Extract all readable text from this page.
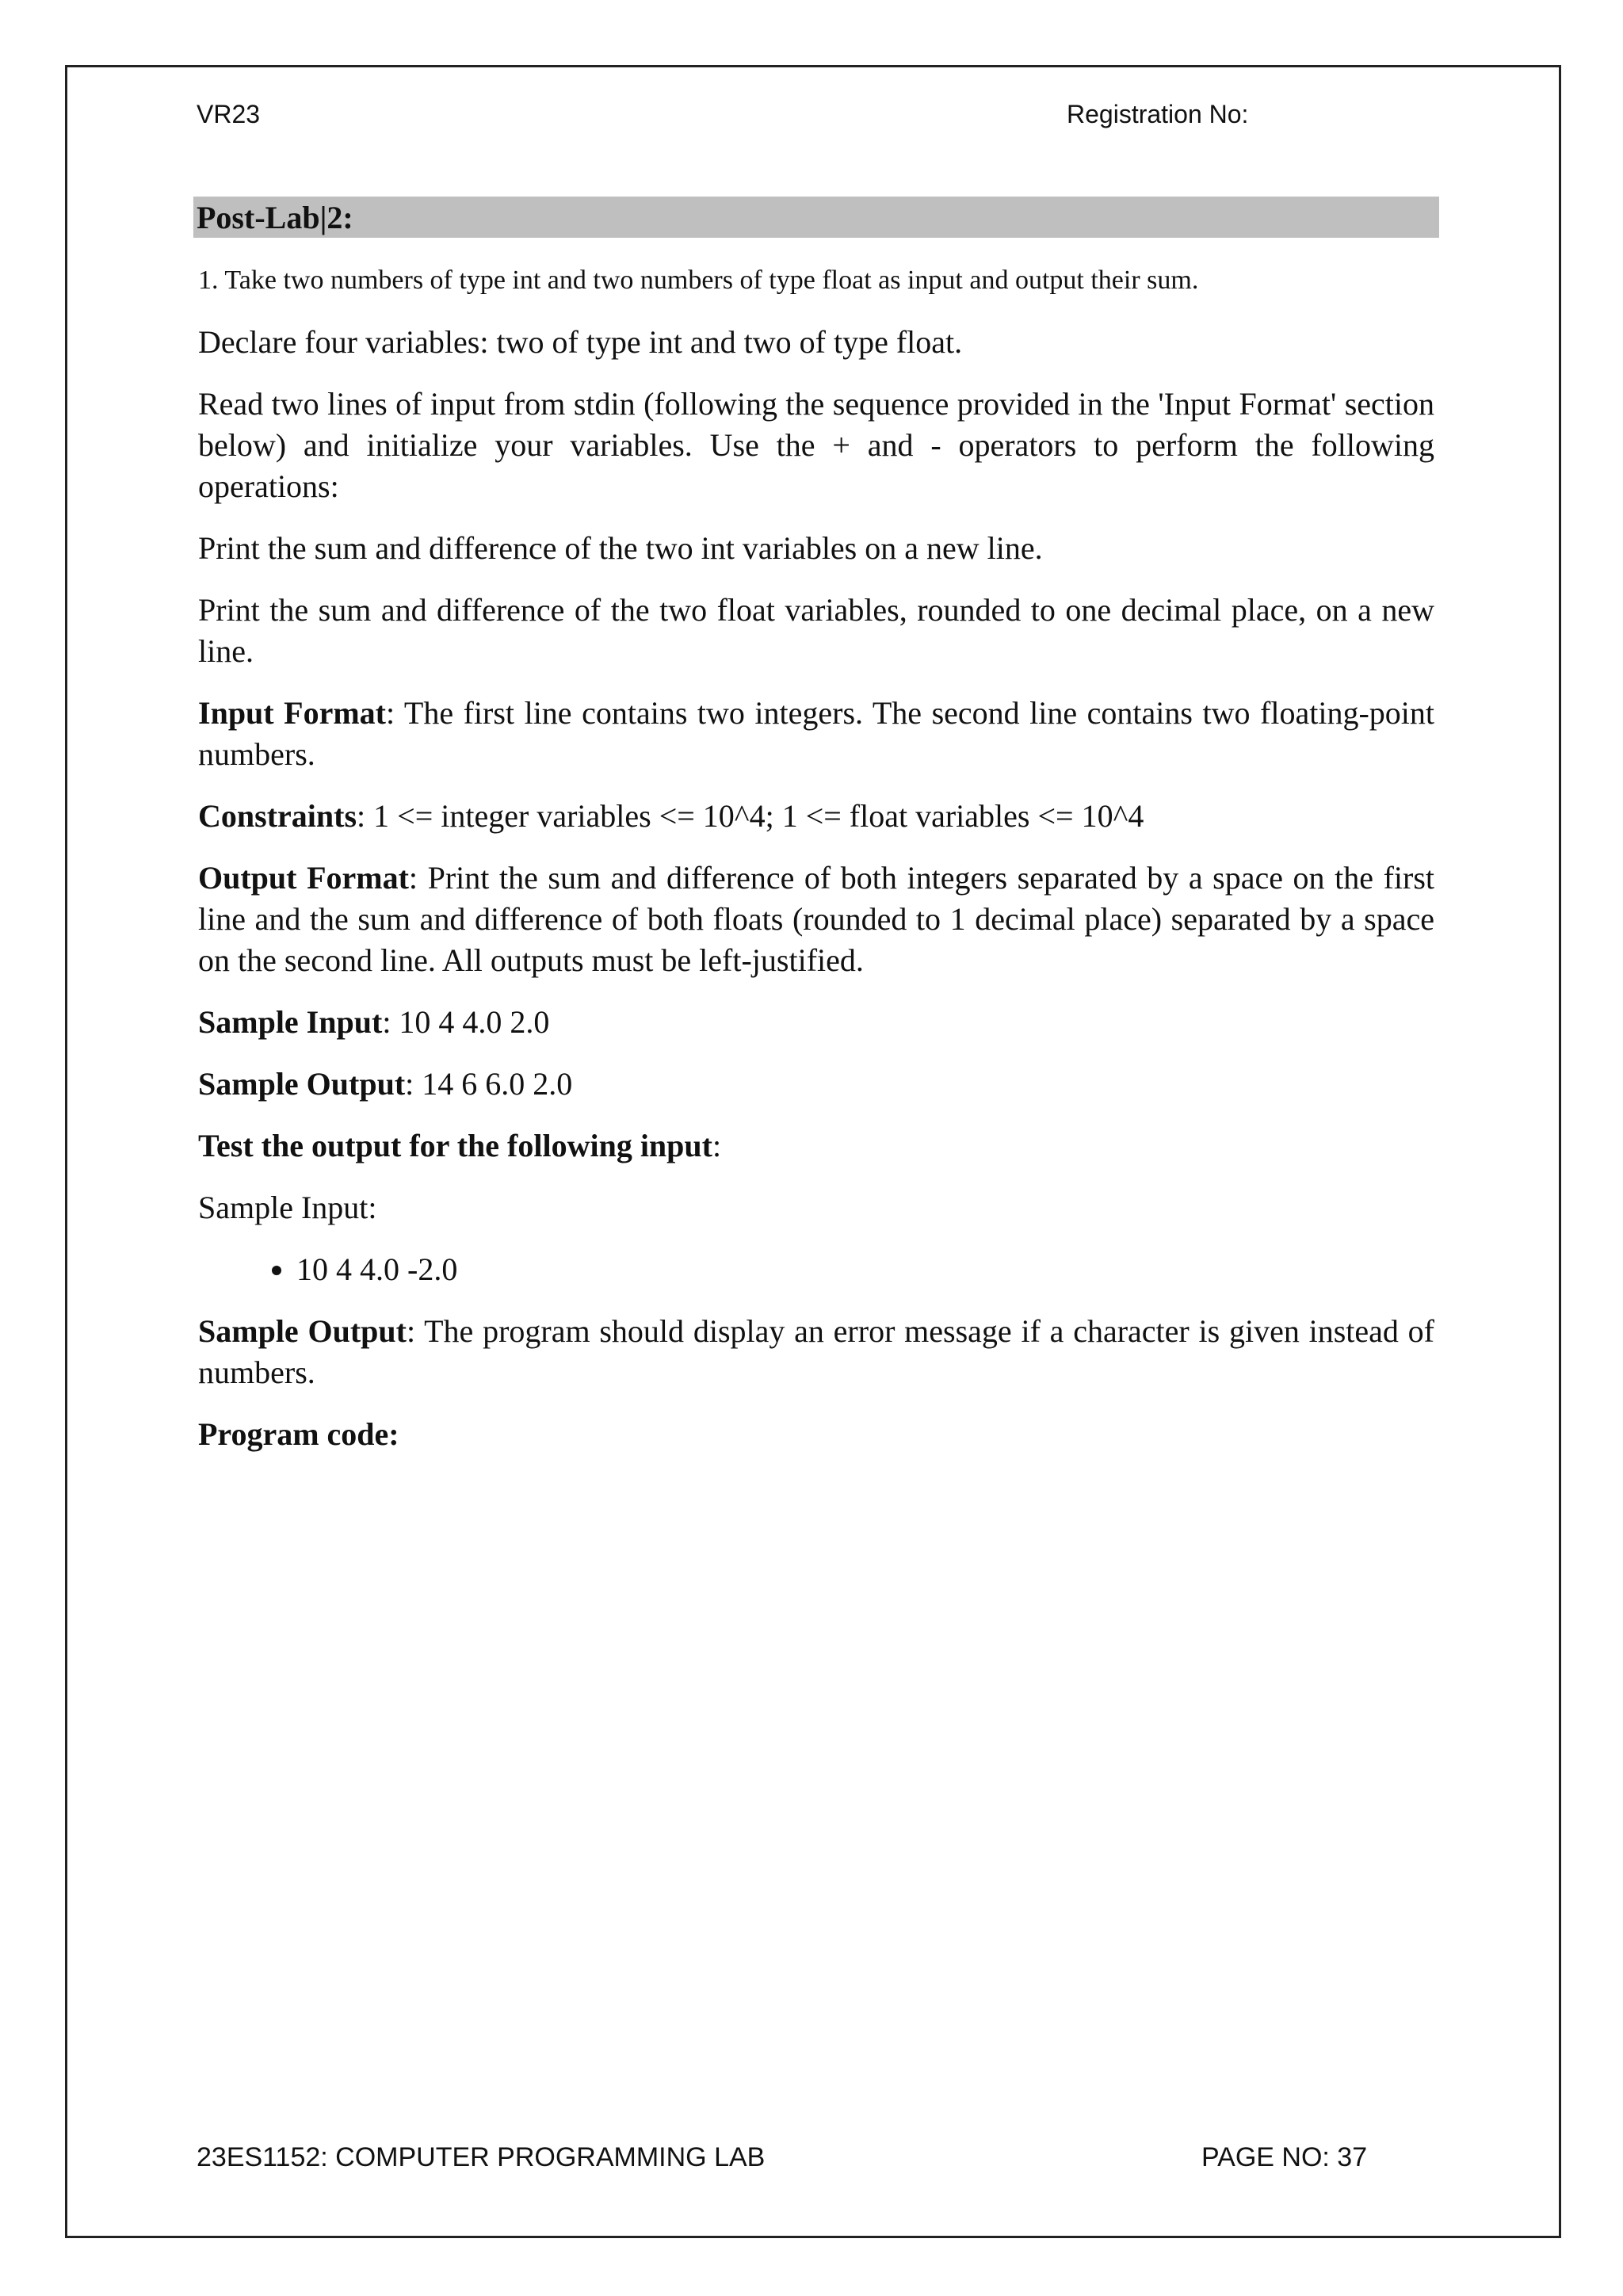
VR23	Registration No:
Post-Lab|2:

1. Take two numbers of type int and two numbers of type float as input and output their sum.

Declare four variables: two of type int and two of type float.

Read two lines of input from stdin (following the sequence provided in the 'Input Format' section below) and initialize your variables. Use the + and - operators to perform the following operations:

Print the sum and difference of the two int variables on a new line.

Print the sum and difference of the two float variables, rounded to one decimal place, on a new line.

Input Format: The first line contains two integers. The second line contains two floating-point numbers.

Constraints: 1 <= integer variables <= 10^4; 1 <= float variables <= 10^4

Output Format: Print the sum and difference of both integers separated by a space on the first line and the sum and difference of both floats (rounded to 1 decimal place) separated by a space on the second line. All outputs must be left-justified.

Sample Input: 10 4 4.0 2.0

Sample Output: 14 6 6.0 2.0

Test the output for the following input:

Sample Input:

• 10 4 4.0 -2.0

Sample Output: The program should display an error message if a character is given instead of numbers.

Program code:

23ES1152: COMPUTER PROGRAMMING LAB	PAGE NO: 37
